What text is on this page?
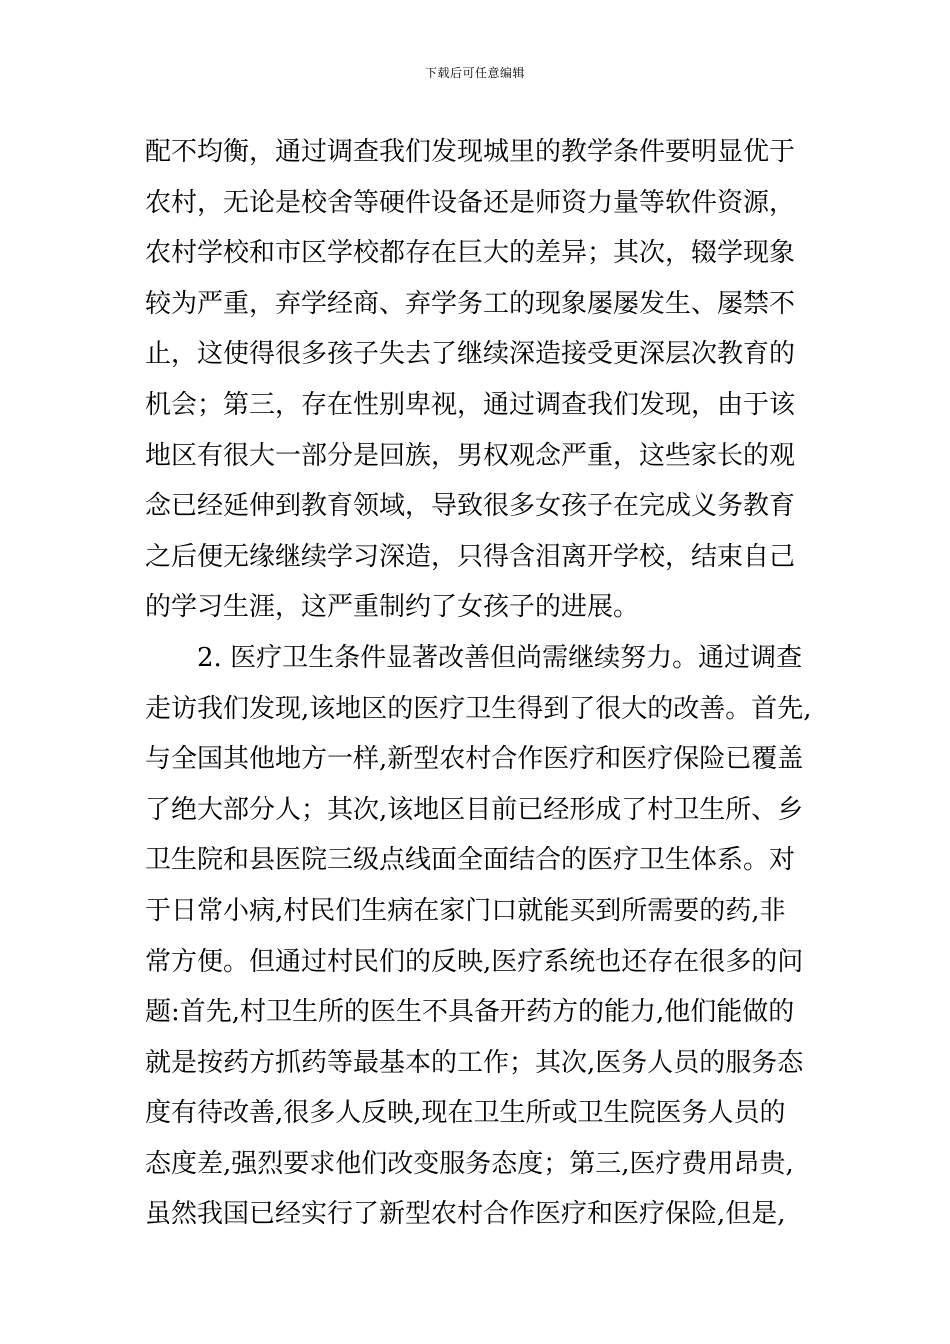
下载后可任意编辑
配不均衡，通过调查我们发现城里的教学条件要明显优于
农村，无论是校舍等硬件设备还是师资力量等软件资源，
农村学校和市区学校都存在巨大的差异；其次，辍学现象
较为严重，弃学经商、弃学务工的现象屡屡发生、屡禁不
止，这使得很多孩子失去了继续深造接受更深层次教育的
机会；第三，存在性别卑视，通过调查我们发现，由于该
地区有很大一部分是回族，男权观念严重，这些家长的观
念已经延伸到教育领域，导致很多女孩子在完成义务教育
之后便无缘继续学习深造，只得含泪离开学校，结束自己
的学习生涯，这严重制约了女孩子的进展。
　　2. 医疗卫生条件显著改善但尚需继续努力。通过调查
走访我们发现,该地区的医疗卫生得到了很大的改善。首先,
与全国其他地方一样,新型农村合作医疗和医疗保险已覆盖
了绝大部分人；其次,该地区目前已经形成了村卫生所、乡
卫生院和县医院三级点线面全面结合的医疗卫生体系。对
于日常小病,村民们生病在家门口就能买到所需要的药,非
常方便。但通过村民们的反映,医疗系统也还存在很多的问
题:首先,村卫生所的医生不具备开药方的能力,他们能做的
就是按药方抓药等最基本的工作；其次,医务人员的服务态
度有待改善,很多人反映,现在卫生所或卫生院医务人员的
态度差,强烈要求他们改变服务态度；第三,医疗费用昂贵,
虽然我国已经实行了新型农村合作医疗和医疗保险,但是,
